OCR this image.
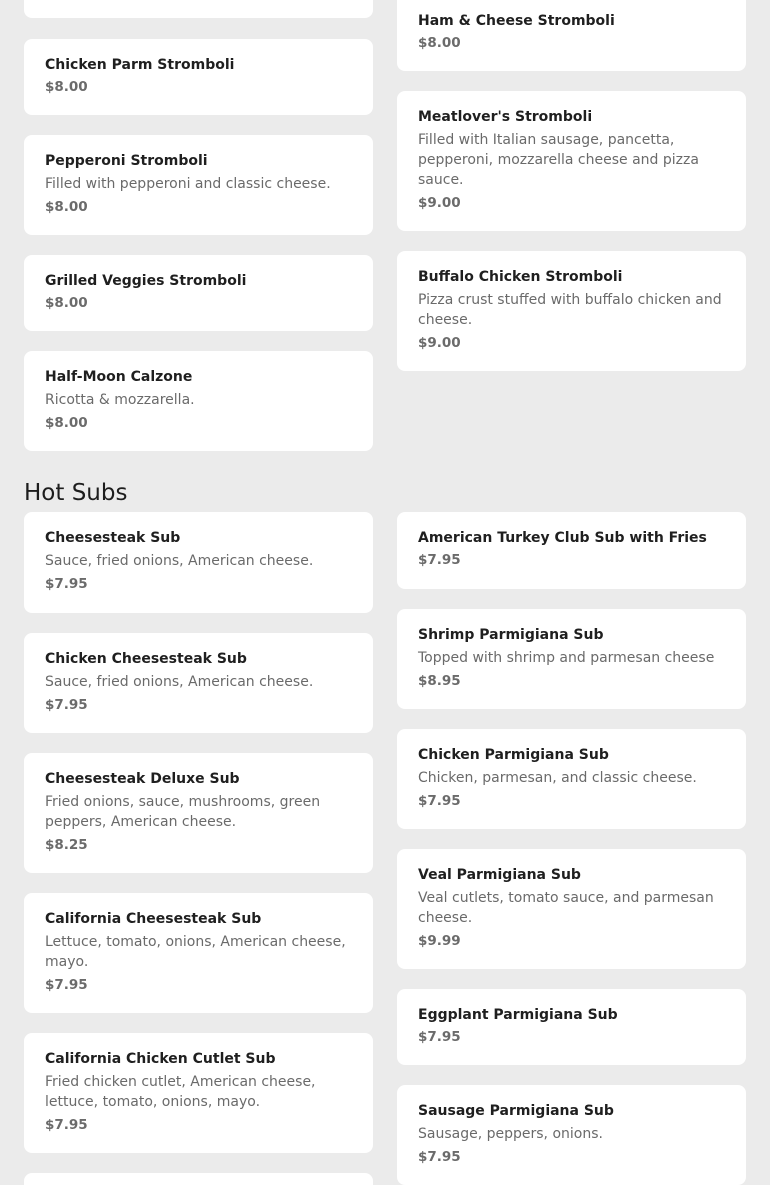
Chicken Parm Stromboli
$8.00
Pepperoni Stromboli
Filled with pepperoni and classic cheese.
$8.00
Grilled Veggies Stromboli
$8.00
Half-Moon Calzone
Ricotta & mozzarella.
$8.00
Ham & Cheese Stromboli
$8.00
Meatlover's Stromboli
Filled with Italian sausage, pancetta, pepperoni, mozzarella cheese and pizza sauce.
$9.00
Buffalo Chicken Stromboli
Pizza crust stuffed with buffalo chicken and cheese.
$9.00
Hot Subs
Cheesesteak Sub
Sauce, fried onions, American cheese.
$7.95
Chicken Cheesesteak Sub
Sauce, fried onions, American cheese.
$7.95
Cheesesteak Deluxe Sub
Fried onions, sauce, mushrooms, green peppers, American cheese.
$8.25
California Cheesesteak Sub
Lettuce, tomato, onions, American cheese, mayo.
$7.95
California Chicken Cutlet Sub
Fried chicken cutlet, American cheese, lettuce, tomato, onions, mayo.
$7.95
American Turkey Club Sub with Fries
$7.95
Shrimp Parmigiana Sub
Topped with shrimp and parmesan cheese
$8.95
Chicken Parmigiana Sub
Chicken, parmesan, and classic cheese.
$7.95
Veal Parmigiana Sub
Veal cutlets, tomato sauce, and parmesan cheese.
$9.99
Eggplant Parmigiana Sub
$7.95
Sausage Parmigiana Sub
Sausage, peppers, onions.
$7.95
